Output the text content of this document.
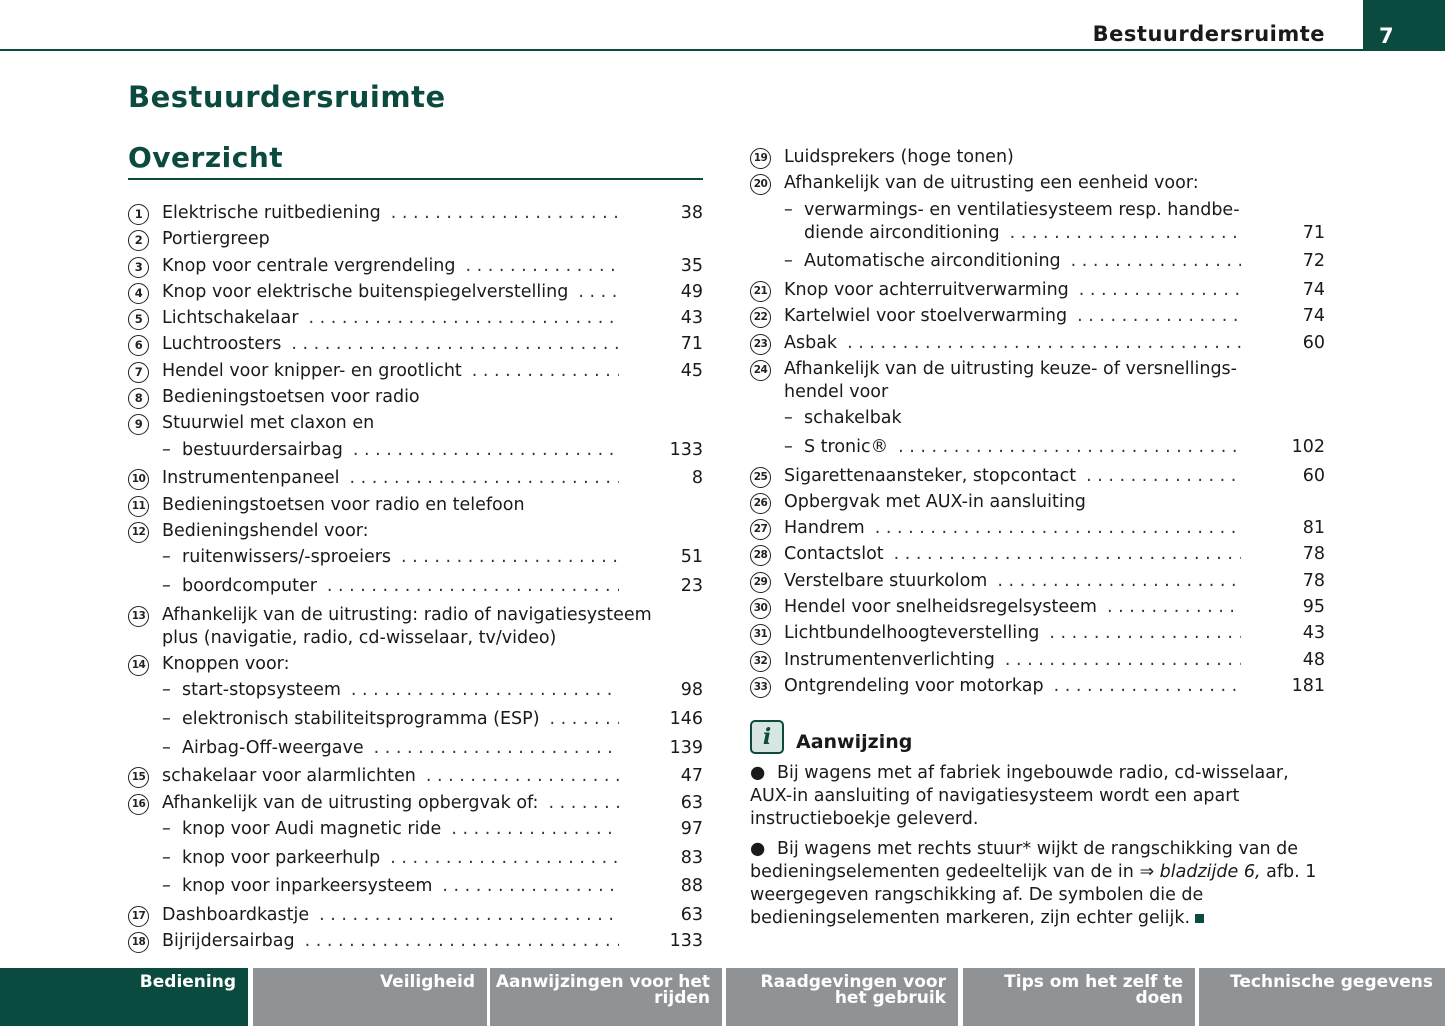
Bestuurdersruimte	7
Bestuurdersruimte
Overzicht
1	Elektrische ruitbediening . . .	38
2	Portiergreep
3	Knop voor centrale vergrendeling . . .	35
4	Knop voor elektrische buitenspiegelverstelling . . .	49
5	Lichtschakelaar . . .	43
6	Luchtroosters . . .	71
7	Hendel voor knipper- en grootlicht . . .	45
8	Bedieningstoetsen voor radio
9	Stuurwiel met claxon en
– bestuurdersairbag . . .	133
10 Instrumentenpaneel . . .	8
11 Bedieningstoetsen voor radio en telefoon
12 Bedieningshendel voor:
– ruitenwissers/-sproeiers . . .	51
– boordcomputer . . .	23
13 Afhankelijk van de uitrusting: radio of navigatiesysteem
plus (navigatie, radio, cd-wisselaar, tv/video)
14 Knoppen voor:
– start-stopsysteem . . .	98
– elektronisch stabiliteitsprogramma (ESP) . . .	146
– Airbag-Off-weergave . . .	139
15 schakelaar voor alarmlichten . . .	47
16 Afhankelijk van de uitrusting opbergvak of: . . .	63
– knop voor Audi magnetic ride . . .	97
– knop voor parkeerhulp . . .	83
– knop voor inparkeersysteem . . .	88
17 Dashboardkastje . . .	63
18 Bijrijdersairbag . . .	133
19 Luidsprekers (hoge tonen)
20 Afhankelijk van de uitrusting een eenheid voor:
– verwarmings- en ventilatiesysteem resp. handbe-
diende airconditioning . . .	71
– Automatische airconditioning . . .	72
21 Knop voor achterruitverwarming . . .	74
22 Kartelwiel voor stoelverwarming . . .	74
23 Asbak . . .	60
24 Afhankelijk van de uitrusting keuze- of versnellings-
hendel voor
– schakelbak
– S tronic® . . .	102
25 Sigarettenaansteker, stopcontact . . .	60
26 Opbergvak met AUX-in aansluiting
27 Handrem . . .	81
28 Contactslot . . .	78
29 Verstelbare stuurkolom . . .	78
30 Hendel voor snelheidsregelsysteem . . .	95
31 Lichtbundelhoogteverstelling . . .	43
32 Instrumentenverlichting . . .	48
33 Ontgrendeling voor motorkap . . .	181
i	Aanwijzing
● Bij wagens met af fabriek ingebouwde radio, cd-wisselaar, AUX-in aansluiting of navigatiesysteem wordt een apart instructieboekje geleverd.
● Bij wagens met rechts stuur* wijkt de rangschikking van de bedieningselementen gedeeltelijk van de in ⇒ bladzijde 6, afb. 1 weergegeven rangschikking af. De symbolen die de bedieningselementen markeren, zijn echter gelijk.
Bediening	Veiligheid	Aanwijzingen voor het rijden
Raadgevingen voor het gebruik
Tips om het zelf te doen
Technische gegevens
